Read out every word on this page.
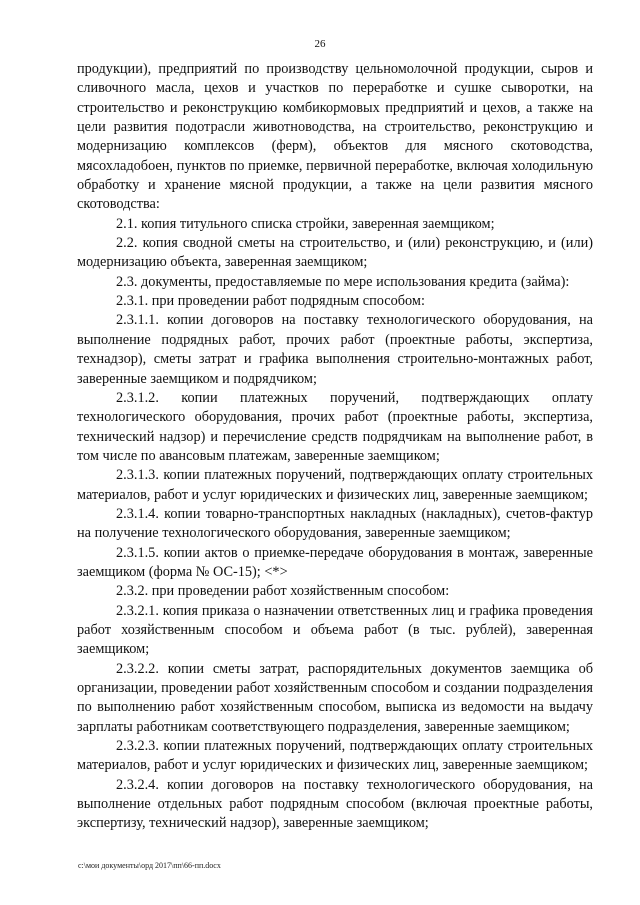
26

продукции), предприятий по производству цельномолочной продукции, сыров и сливочного масла, цехов и участков по переработке и сушке сыворотки, на строительство и реконструкцию комбикормовых предприятий и цехов, а также на цели развития подотрасли животноводства, на строительство, реконструкцию и модернизацию комплексов (ферм), объектов для мясного скотоводства, мясохладобоен, пунктов по приемке, первичной переработке, включая холодильную обработку и хранение мясной продукции, а также на цели развития мясного скотоводства:

2.1. копия титульного списка стройки, заверенная заемщиком;

2.2. копия сводной сметы на строительство, и (или) реконструкцию, и (или) модернизацию объекта, заверенная заемщиком;

2.3. документы, предоставляемые по мере использования кредита (займа):

2.3.1. при проведении работ подрядным способом:

2.3.1.1. копии договоров на поставку технологического оборудования, на выполнение подрядных работ, прочих работ (проектные работы, экспертиза, технадзор), сметы затрат и графика выполнения строительно-монтажных работ, заверенные заемщиком и подрядчиком;

2.3.1.2. копии платежных поручений, подтверждающих оплату технологического оборудования, прочих работ (проектные работы, экспертиза, технический надзор) и перечисление средств подрядчикам на выполнение работ, в том числе по авансовым платежам, заверенные заемщиком;

2.3.1.3. копии платежных поручений, подтверждающих оплату строительных материалов, работ и услуг юридических и физических лиц, заверенные заемщиком;

2.3.1.4. копии товарно-транспортных накладных (накладных), счетов-фактур на получение технологического оборудования, заверенные заемщиком;

2.3.1.5. копии актов о приемке-передаче оборудования в монтаж, заверенные заемщиком (форма № ОС-15); <*>

2.3.2. при проведении работ хозяйственным способом:

2.3.2.1. копия приказа о назначении ответственных лиц и графика проведения работ хозяйственным способом и объема работ (в тыс. рублей), заверенная заемщиком;

2.3.2.2. копии сметы затрат, распорядительных документов заемщика об организации, проведении работ хозяйственным способом и создании подразделения по выполнению работ хозяйственным способом, выписка из ведомости на выдачу зарплаты работникам соответствующего подразделения, заверенные заемщиком;

2.3.2.3. копии платежных поручений, подтверждающих оплату строительных материалов, работ и услуг юридических и физических лиц, заверенные заемщиком;

2.3.2.4. копии договоров на поставку технологического оборудования, на выполнение отдельных работ подрядным способом (включая проектные работы, экспертизу, технический надзор), заверенные заемщиком;

c:\мои документы\орд 2017\пп\66-пп.docx
